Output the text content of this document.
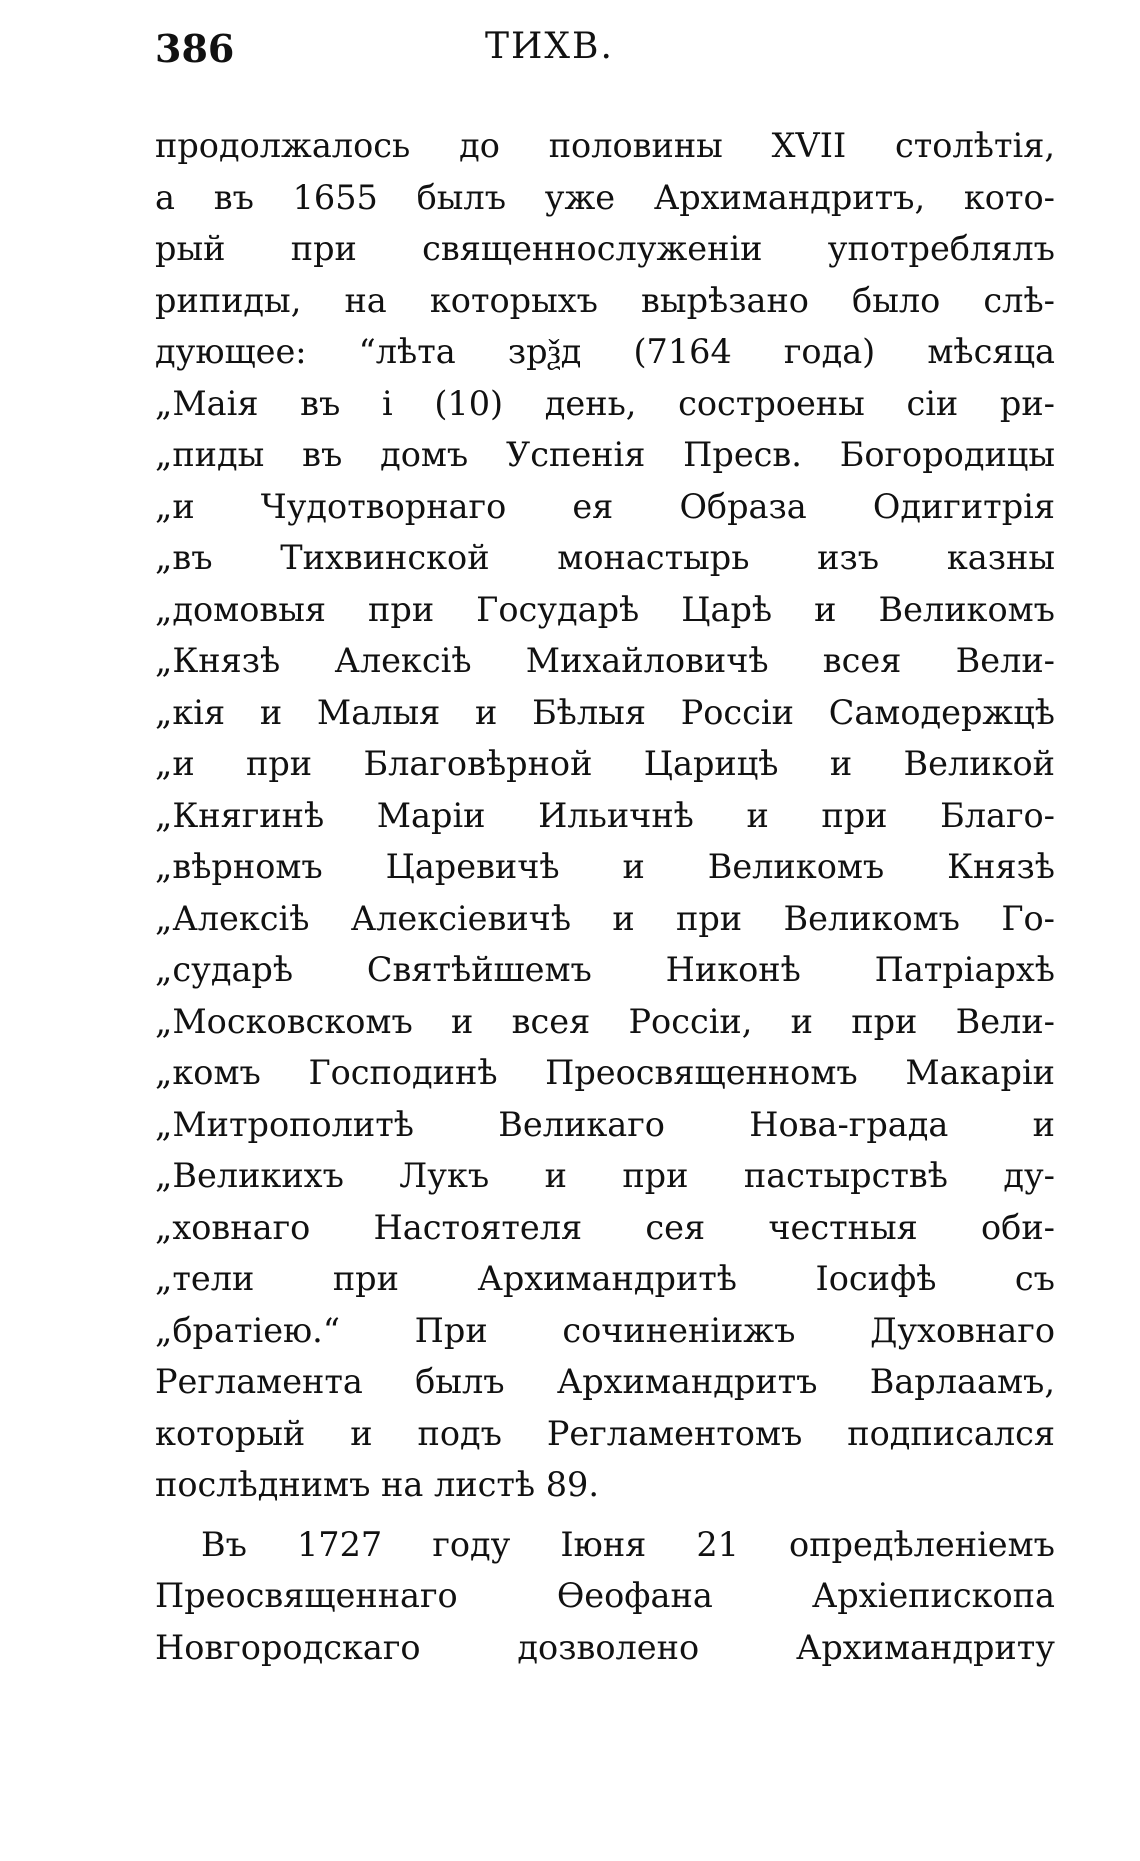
386	ТИХВ.
продолжалось до половины XVII столѣтія,
а въ 1655 былъ уже Архимандритъ, кото-
рый при священнослуженіи употреблялъ
рипиды, на которыхъ вырѣзано было слѣ-
дующее: “лѣта зрѯд (7164 года) мѣсяца
„Маія въ і (10) день, состроены сіи ри-
„пиды въ домъ Успенія Пресв. Богородицы
„и Чудотворнаго ея Образа Одигитрія
„въ Тихвинской монастырь изъ казны
„домовыя при Государѣ Царѣ и Великомъ
„Князѣ Алексіѣ Михайловичѣ всея Вели-
„кія и Малыя и Бѣлыя Россіи Самодержцѣ
„и при Благовѣрной Царицѣ и Великой
„Княгинѣ Маріи Ильичнѣ и при Благо-
„вѣрномъ Царевичѣ и Великомъ Князѣ
„Алексіѣ Алексіевичѣ и при Великомъ Го-
„сударѣ Святѣйшемъ Никонѣ Патріархѣ
„Московскомъ и всея Россіи, и при Вели-
„комъ Господинѣ Преосвященномъ Макаріи
„Митрополитѣ Великаго Нова-града и
„Великихъ Лукъ и при пастырствѣ ду-
„ховнаго Настоятеля сея честныя оби-
„тели при Архимандритѣ Іосифѣ съ
„братіею.“ При сочиненіижъ Духовнаго
Регламента былъ Архимандритъ Варлаамъ,
который и подъ Регламентомъ подписался
послѣднимъ на листѣ 89.
Въ 1727 году Іюня 21 опредѣленіемъ
Преосвященнаго Ѳеофана Архіепископа
Новгородскаго дозволено Архимандриту
